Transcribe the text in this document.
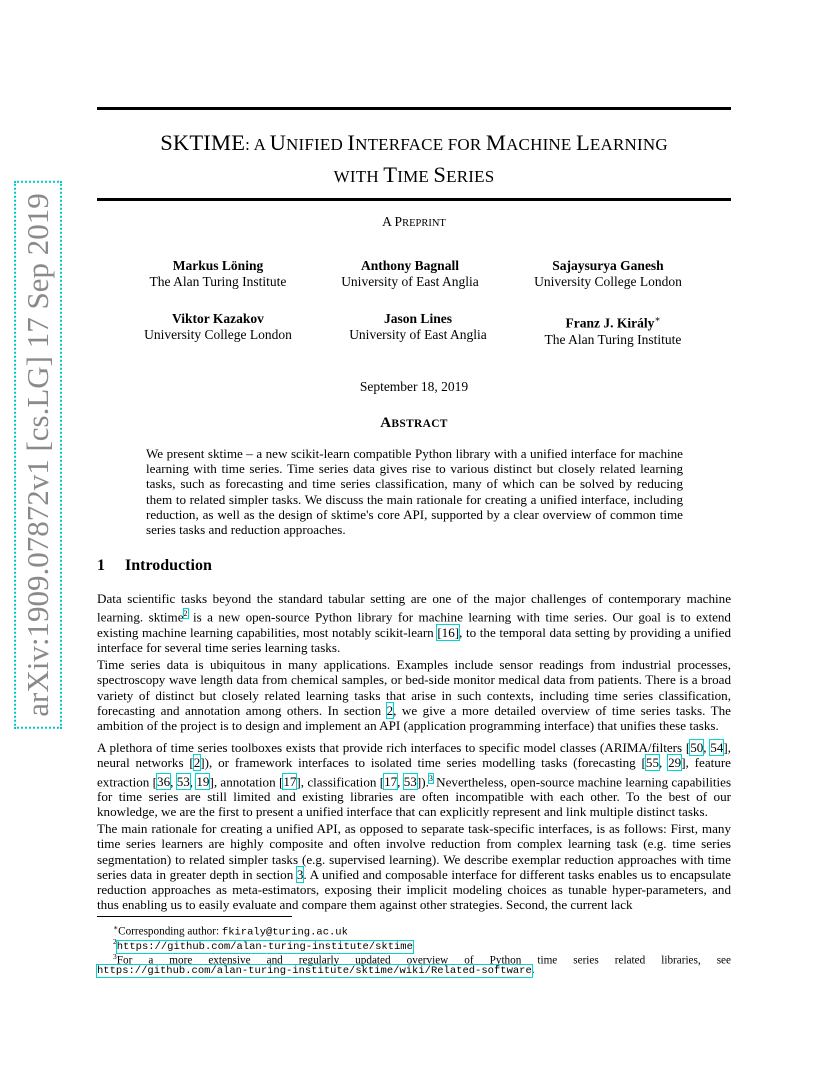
arXiv:1909.07872v1 [cs.LG] 17 Sep 2019
SKTIME: A UNIFIED INTERFACE FOR MACHINE LEARNING
WITH TIME SERIES
A PREPRINT
Markus Löning
The Alan Turing Institute
Anthony Bagnall
University of East Anglia
Sajaysurya Ganesh
University College London
Viktor Kazakov
University College London
Jason Lines
University of East Anglia
Franz J. Király∗
The Alan Turing Institute
September 18, 2019
ABSTRACT
We present sktime – a new scikit-learn compatible Python library with a unified interface for machine learning with time series. Time series data gives rise to various distinct but closely related learning tasks, such as forecasting and time series classification, many of which can be solved by reducing them to related simpler tasks. We discuss the main rationale for creating a unified interface, including reduction, as well as the design of sktime's core API, supported by a clear overview of common time series tasks and reduction approaches.
1 Introduction
Data scientific tasks beyond the standard tabular setting are one of the major challenges of contemporary machine learning. sktime$^2$ is a new open-source Python library for machine learning with time series. Our goal is to extend existing machine learning capabilities, most notably scikit-learn [16], to the temporal data setting by providing a unified interface for several time series learning tasks.
Time series data is ubiquitous in many applications. Examples include sensor readings from industrial processes, spectroscopy wave length data from chemical samples, or bed-side monitor medical data from patients. There is a broad variety of distinct but closely related learning tasks that arise in such contexts, including time series classification, forecasting and annotation among others. In section 2, we give a more detailed overview of time series tasks. The ambition of the project is to design and implement an API (application programming interface) that unifies these tasks.
A plethora of time series toolboxes exists that provide rich interfaces to specific model classes (ARIMA/filters [50, 54], neural networks [2]), or framework interfaces to isolated time series modelling tasks (forecasting [55, 29], feature extraction [36, 53, 19], annotation [17], classification [17, 53]).$^3$ Nevertheless, open-source machine learning capabilities for time series are still limited and existing libraries are often incompatible with each other. To the best of our knowledge, we are the first to present a unified interface that can explicitly represent and link multiple distinct tasks.
The main rationale for creating a unified API, as opposed to separate task-specific interfaces, is as follows: First, many time series learners are highly composite and often involve reduction from complex learning task (e.g. time series segmentation) to related simpler tasks (e.g. supervised learning). We describe exemplar reduction approaches with time series data in greater depth in section 3. A unified and composable interface for different tasks enables us to encapsulate reduction approaches as meta-estimators, exposing their implicit modeling choices as tunable hyper-parameters, and thus enabling us to easily evaluate and compare them against other strategies. Second, the current lack
∗Corresponding author: fkiraly@turing.ac.uk
$^2$https://github.com/alan-turing-institute/sktime
$^3$For a more extensive and regularly updated overview of Python time series related libraries, see
https://github.com/alan-turing-institute/sktime/wiki/Related-software.
